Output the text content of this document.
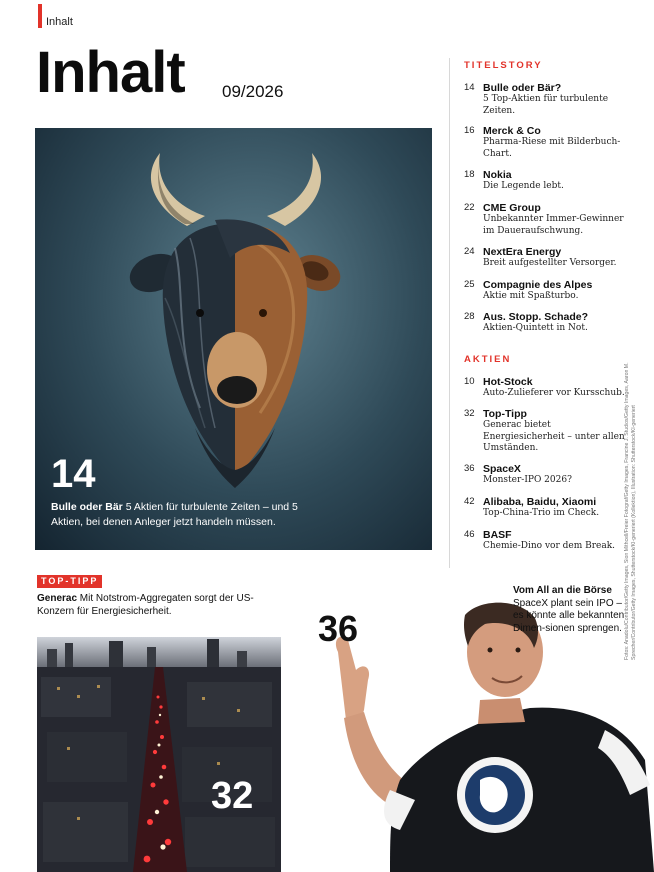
Inhalt
Inhalt 09/2026
14
Bulle oder Bär 5 Aktien für turbulente Zeiten – und 5 Aktien, bei denen Anleger jetzt handeln müssen.
TITELSTORY
14 Bulle oder Bär?
5 Top-Aktien für turbulente Zeiten.
16 Merck & Co
Pharma-Riese mit Bilderbuch-Chart.
18 Nokia
Die Legende lebt.
22 CME Group
Unbekannter Immer-Gewinner im Daueraufschwung.
24 NextEra Energy
Breit aufgestellter Versorger.
25 Compagnie des Alpes
Aktie mit Spaßturbo.
28 Aus. Stopp. Schade?
Aktien-Quintett in Not.
AKTIEN
10 Hot-Stock
Auto-Zulieferer vor Kursschub.
32 Top-Tipp
Generac bietet Energiesicherheit – unter allen Umständen.
36 SpaceX
Monster-IPO 2026?
42 Alibaba, Baidu, Xiaomi
Top-China-Trio im Check.
46 BASF
Chemie-Dino vor dem Break.	Fotos: Anadolu/Contributor/Getty Images, Sion Mithcell/Freier Fotograf/Getty Images, Francine J. Studios/Getty Images, Aaron M. Sprecher/Contributor/Getty Images, Shutterstock/KI-generiert (Kollektion), Illustration: Shutterstock/KI-generiert
TOP-TIPP
Generac Mit Notstrom-Aggregaten sorgt der US-Konzern für Energiesicherheit.
32
36
Vom All an die Börse
SpaceX plant sein IPO – es könnte alle bekannten Dimen-sionen sprengen.
